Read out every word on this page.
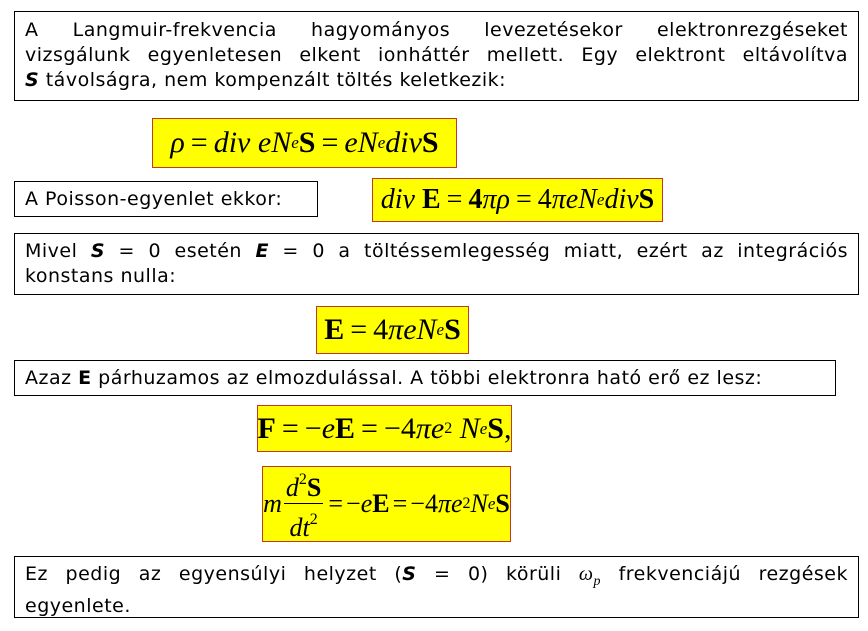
A Langmuir-frekvencia hagyományos levezetésekor elektronrezgéseket
vizsgálunk egyenletesen elkent ionháttér mellett. Egy elektront eltávolítva
S távolságra, nem kompenzált töltés keletkezik:
ρ = div
e N e S = e N e div S
A Poisson-egyenlet ekkor:	div
E = 4 π ρ = 4 π e N e div S
Mivel S = 0 esetén E = 0 a töltéssemlegesség miatt, ezért az integrációs
konstans nulla:
E = 4 π e N e S
Azaz E párhuzamos az elmozdulással. A többi elektronra ható erő ez lesz:
F = − e E = − 4 π e 2
N e S ,
m $\frac{d^2S}{dt^2}$ = − e E = − 4 π e 2 N e S
Ez pedig az egyensúlyi helyzet (S = 0) körüli $\omega_p$ frekvenciájú rezgések
egyenlete.
